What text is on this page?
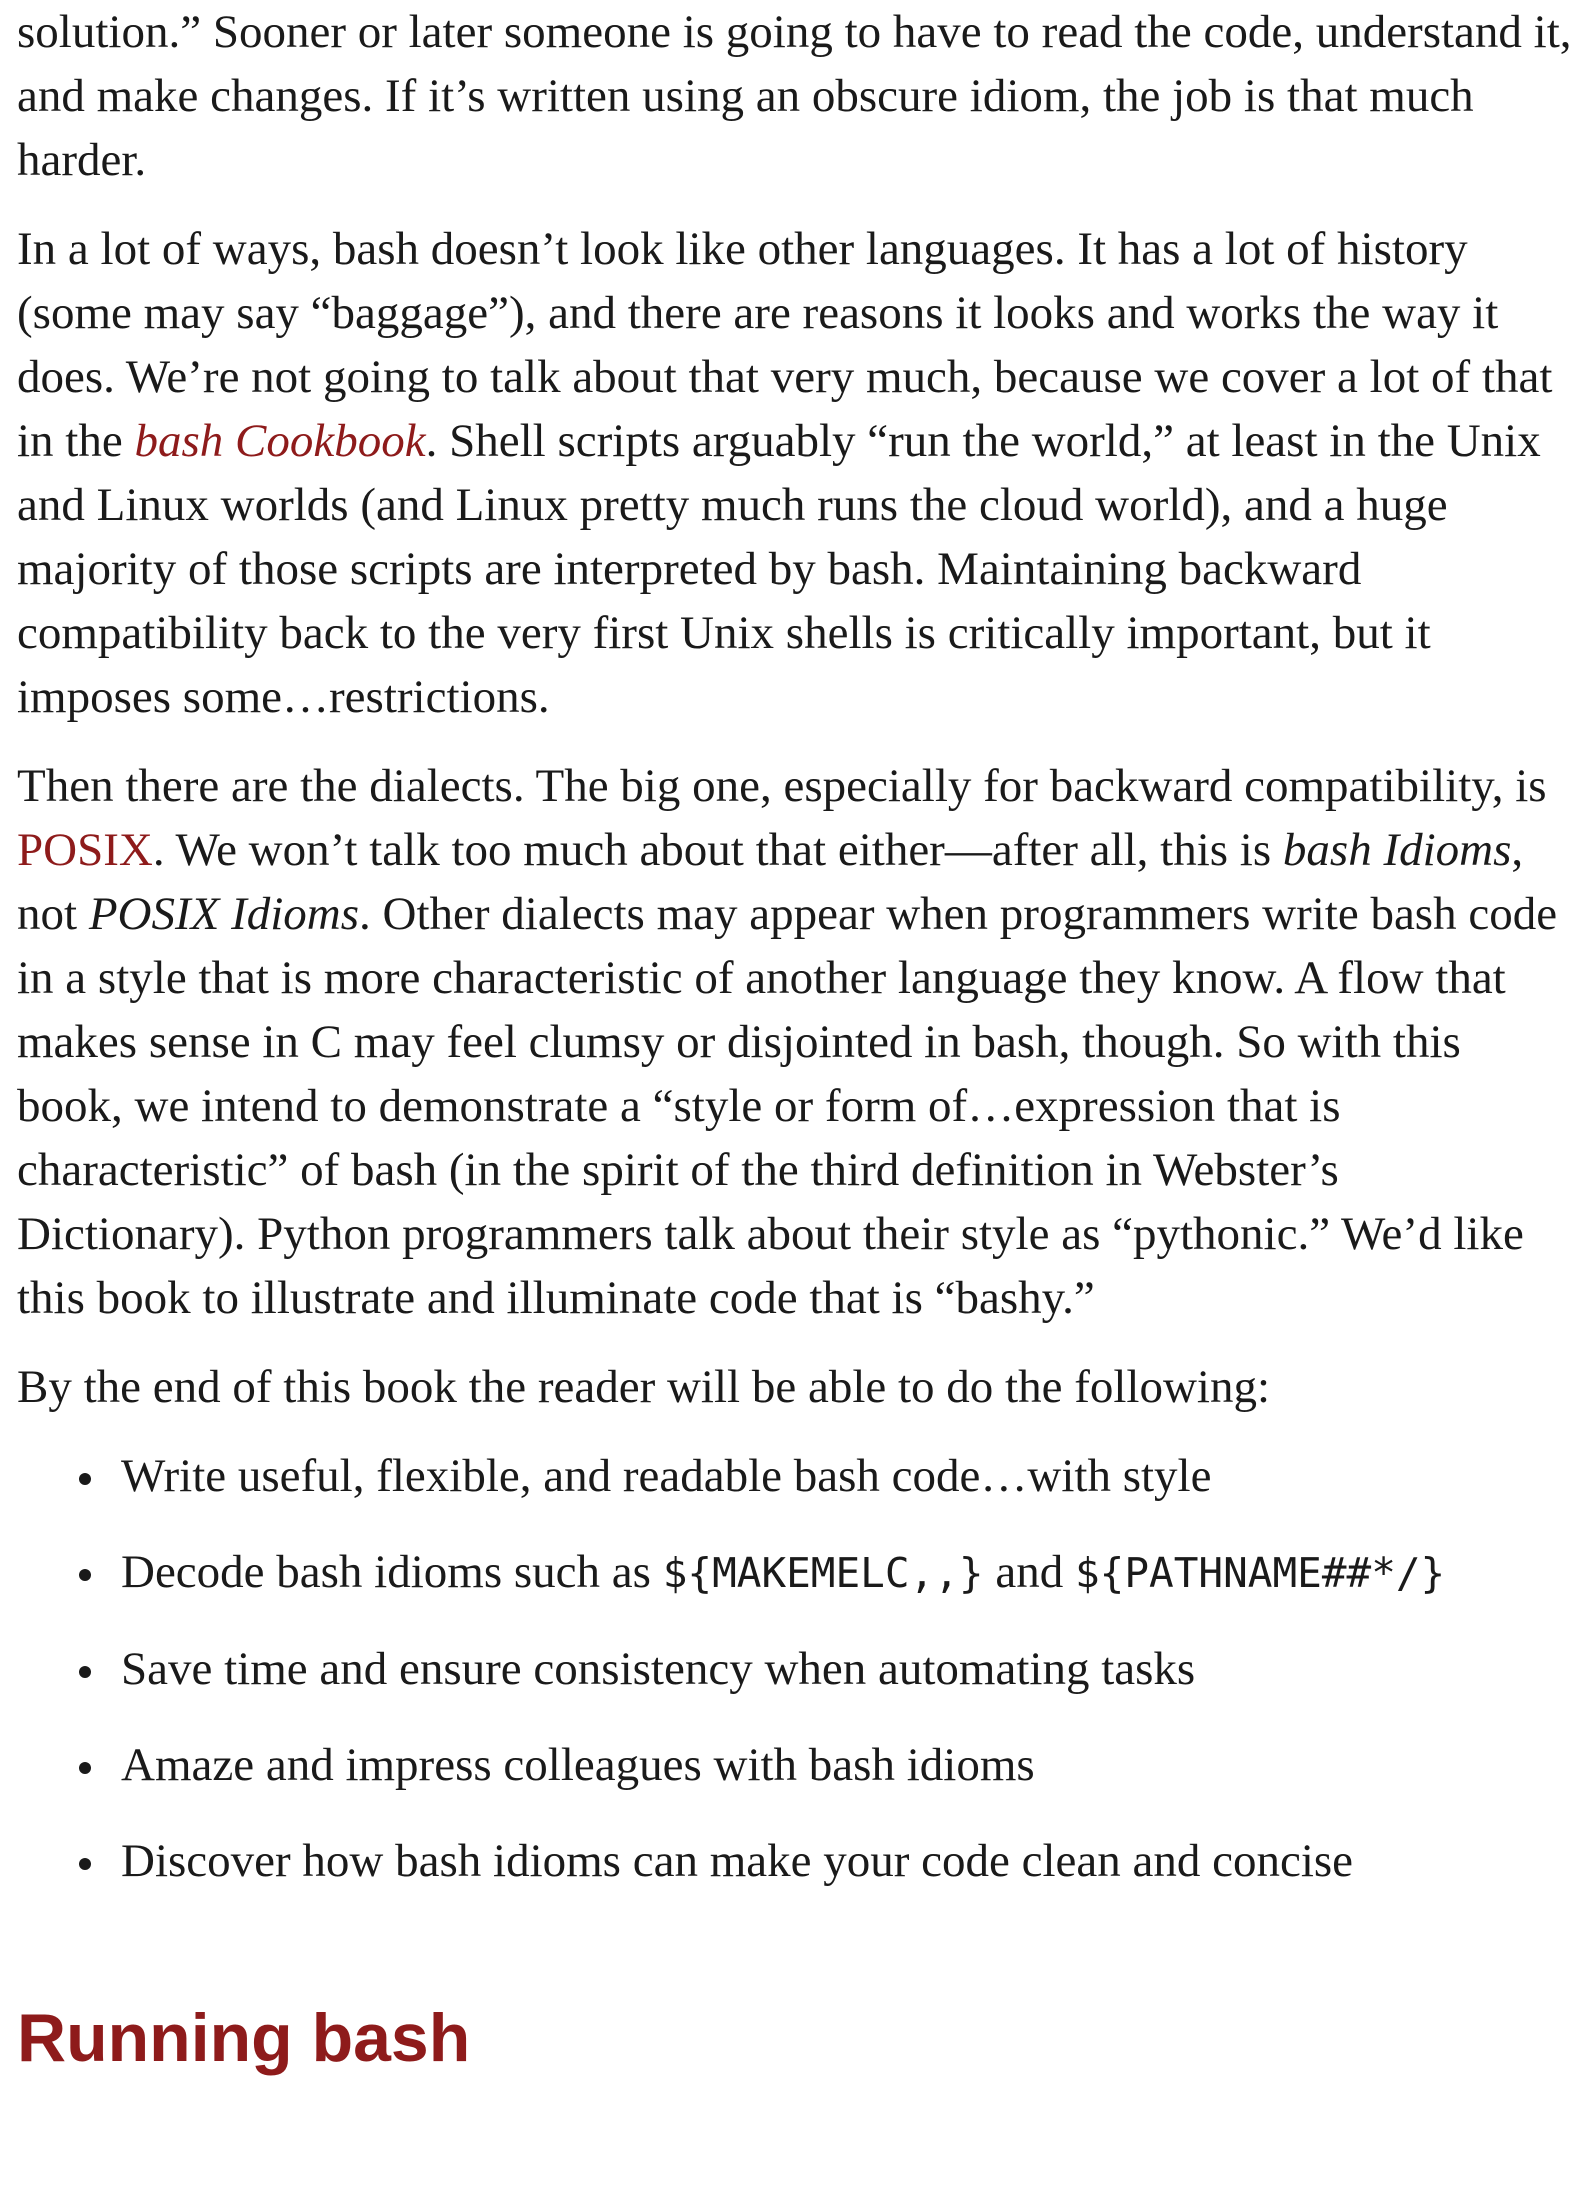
solution.” Sooner or later someone is going to have to read the code, understand it, and make changes. If it’s written using an obscure idiom, the job is that much harder.

In a lot of ways, bash doesn’t look like other languages. It has a lot of history (some may say “baggage”), and there are reasons it looks and works the way it does. We’re not going to talk about that very much, because we cover a lot of that in the bash Cookbook. Shell scripts arguably “run the world,” at least in the Unix and Linux worlds (and Linux pretty much runs the cloud world), and a huge majority of those scripts are interpreted by bash. Maintaining backward compatibility back to the very first Unix shells is critically important, but it imposes some…restrictions.

Then there are the dialects. The big one, especially for backward compatibility, is POSIX. We won’t talk too much about that either—after all, this is bash Idioms, not POSIX Idioms. Other dialects may appear when programmers write bash code in a style that is more characteristic of another language they know. A flow that makes sense in C may feel clumsy or disjointed in bash, though. So with this book, we intend to demonstrate a “style or form of…expression that is characteristic” of bash (in the spirit of the third definition in Webster’s Dictionary). Python programmers talk about their style as “pythonic.” We’d like this book to illustrate and illuminate code that is “bashy.”

By the end of this book the reader will be able to do the following:

Write useful, flexible, and readable bash code…with style
Decode bash idioms such as ${MAKEMELC,,} and ${PATHNAME##*/}
Save time and ensure consistency when automating tasks
Amaze and impress colleagues with bash idioms
Discover how bash idioms can make your code clean and concise
Running bash
